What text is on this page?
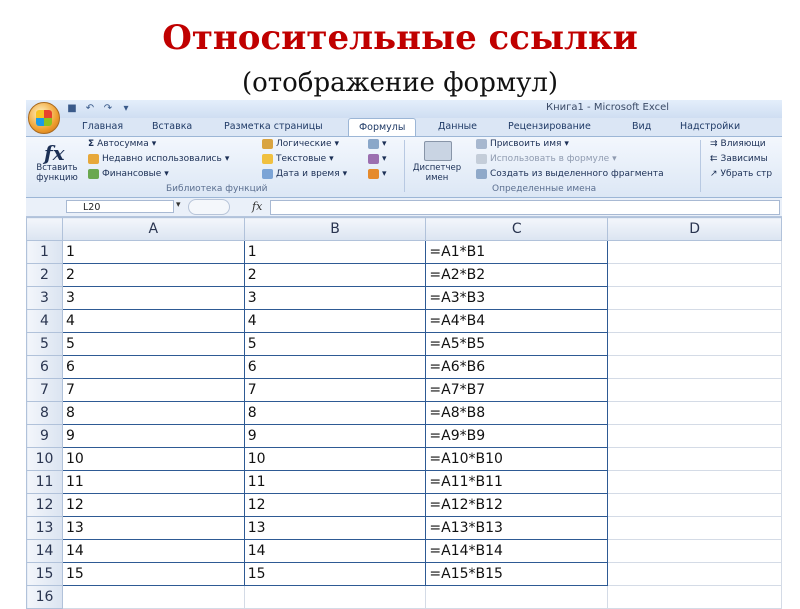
Относительные ссылки
(отображение формул)
■ ↶ ↷	▾	Книга1 - Microsoft Excel
Главная	Вставка	Разметка страницы	Формулы	Данные	Рецензирование	Вид	Надстройки
fx
Вставить функцию
Σ Автосумма ▾
Недавно использовались ▾
Финансовые ▾
Логические ▾
Текстовые ▾
Дата и время ▾
▾
▾
▾
Библиотека функций
Диспетчер имен
Присвоить имя ▾
Использовать в формуле ▾
Создать из выделенного фрагмента
Определенные имена
⇉ Влияющи
⇇ Зависимы
↗ Убрать стр
L20	▾	fx
	A	B	C	D
1	1	1	=A1*B1	
2	2	2	=A2*B2	
3	3	3	=A3*B3	
4	4	4	=A4*B4	
5	5	5	=A5*B5	
6	6	6	=A6*B6	
7	7	7	=A7*B7	
8	8	8	=A8*B8	
9	9	9	=A9*B9	
10	10	10	=A10*B10	
11	11	11	=A11*B11	
12	12	12	=A12*B12	
13	13	13	=A13*B13	
14	14	14	=A14*B14	
15	15	15	=A15*B15	
16				
